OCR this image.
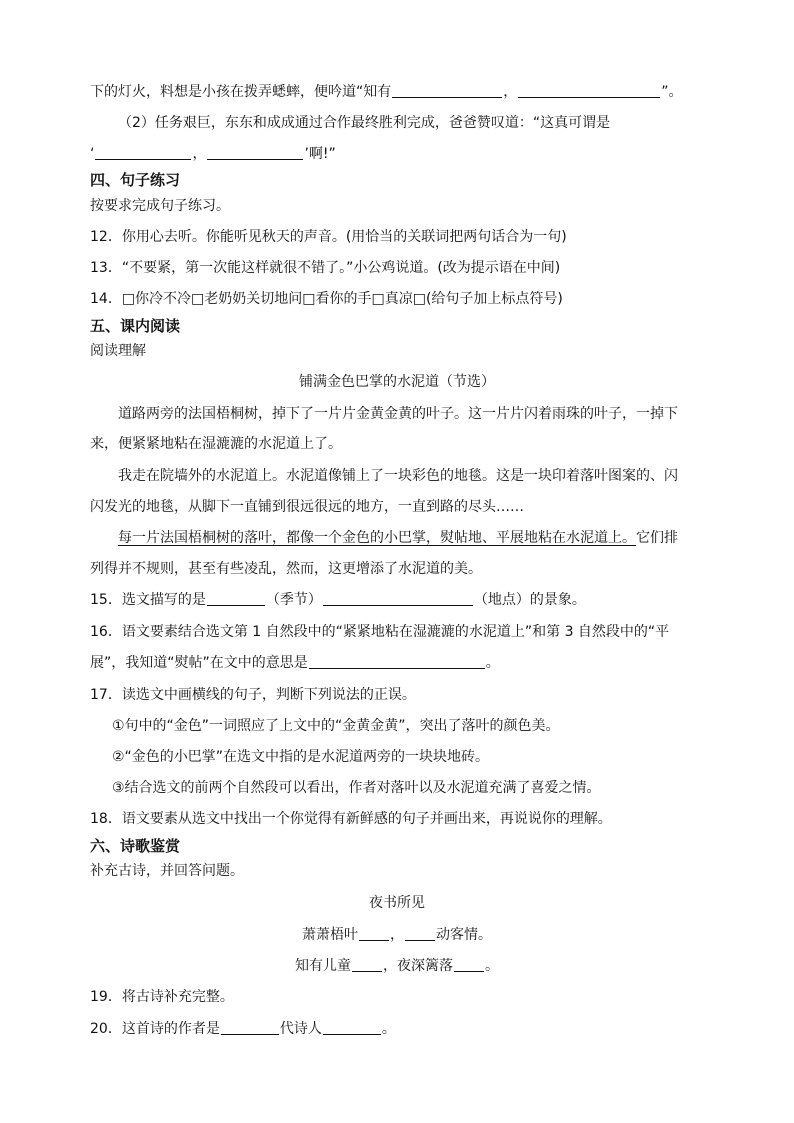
下的灯火，料想是小孩在拨弄蟋蟀，便吟道“知有	，	”。
（2）任务艰巨，东东和成成通过合作最终胜利完成，爸爸赞叹道：“这真可谓是
‘	，	’啊!”
四、句子练习
按要求完成句子练习。
12．你用心去听。你能听见秋天的声音。(用恰当的关联词把两句话合为一句)
13．“不要紧，第一次能这样就很不错了。”小公鸡说道。(改为提示语在中间)
14．□你冷不冷□老奶奶关切地问□看你的手□真凉□(给句子加上标点符号)
五、课内阅读
阅读理解
铺满金色巴掌的水泥道（节选）
道路两旁的法国梧桐树，掉下了一片片金黄金黄的叶子。这一片片闪着雨珠的叶子，一掉下
来，便紧紧地粘在湿漉漉的水泥道上了。
我走在院墙外的水泥道上。水泥道像铺上了一块彩色的地毯。这是一块印着落叶图案的、闪
闪发光的地毯，从脚下一直铺到很远很远的地方，一直到路的尽头……
每一片法国梧桐树的落叶，都像一个金色的小巴掌，熨帖地、平展地粘在水泥道上。它们排
列得并不规则，甚至有些凌乱，然而，这更增添了水泥道的美。
15．选文描写的是	（季节）	（地点）的景象。
16．语文要素结合选文第 1 自然段中的“紧紧地粘在湿漉漉的水泥道上”和第 3 自然段中的“平
展”，我知道“熨帖”在文中的意思是	。
17．读选文中画横线的句子，判断下列说法的正误。
①句中的“金色”一词照应了上文中的“金黄金黄”，突出了落叶的颜色美。
②“金色的小巴掌”在选文中指的是水泥道两旁的一块块地砖。
③结合选文的前两个自然段可以看出，作者对落叶以及水泥道充满了喜爱之情。
18．语文要素从选文中找出一个你觉得有新鲜感的句子并画出来，再说说你的理解。
六、诗歌鉴赏
补充古诗，并回答问题。
夜书所见
萧萧梧叶 ， 动客情。
知有儿童 ，夜深篱落 。
19．将古诗补充完整。
20．这首诗的作者是	代诗人	。
